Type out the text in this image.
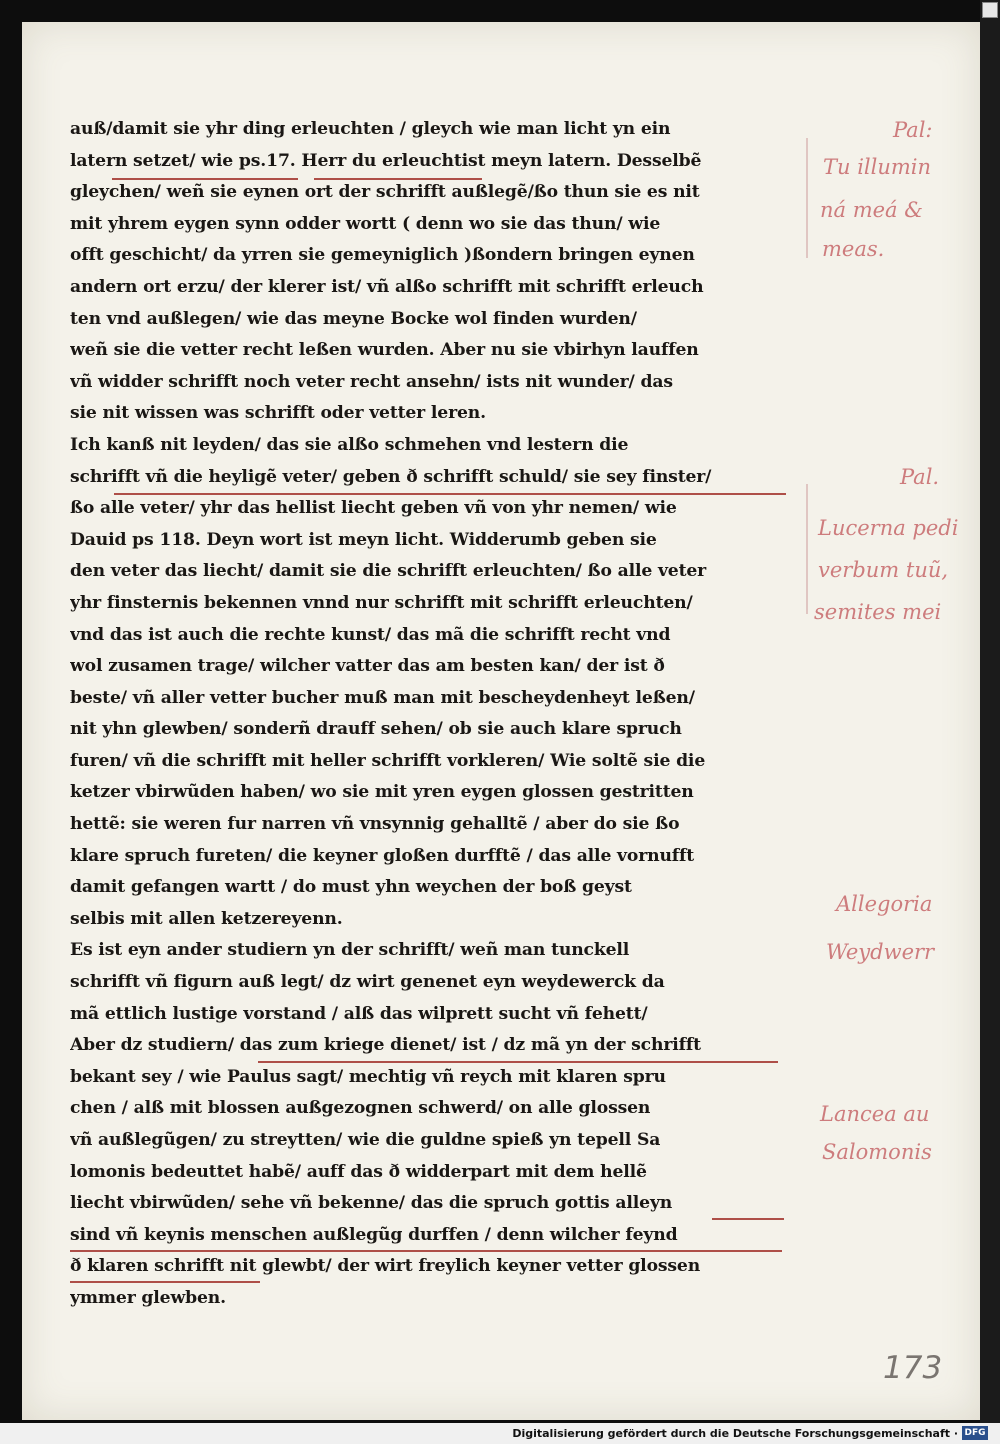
auß/damit sie yhr ding erleuchten / gleych wie man licht yn ein
latern setzet/ wie ps.17. Herr du erleuchtist meyn latern. Desselbẽ
gleychen/ weñ sie eynen ort der schrifft außlegẽ/ßo thun sie es nit
mit yhrem eygen synn odder wortt ( denn wo sie das thun/ wie
offt geschicht/ da yrren sie gemeyniglich )ßondern bringen eynen
andern ort erzu/ der klerer ist/ vñ alßo schrifft mit schrifft erleuch
ten vnd außlegen/ wie das meyne Bocke wol finden wurden/
weñ sie die vetter recht leßen wurden. Aber nu sie vbirhyn lauffen
vñ widder schrifft noch veter recht ansehn/ ists nit wunder/ das
sie nit wissen was schrifft oder vetter leren.
Ich kanß nit leyden/ das sie alßo schmehen vnd lestern die
schrifft vñ die heyligẽ veter/ geben ð schrifft schuld/ sie sey finster/
ßo alle veter/ yhr das hellist liecht geben vñ von yhr nemen/ wie
Dauid ps 118. Deyn wort ist meyn licht. Widderumb geben sie
den veter das liecht/ damit sie die schrifft erleuchten/ ßo alle veter
yhr finsternis bekennen vnnd nur schrifft mit schrifft erleuchten/
vnd das ist auch die rechte kunst/ das mã die schrifft recht vnd
wol zusamen trage/ wilcher vatter das am besten kan/ der ist ð
beste/ vñ aller vetter bucher muß man mit bescheydenheyt leßen/
nit yhn glewben/ sonderñ drauff sehen/ ob sie auch klare spruch
furen/ vñ die schrifft mit heller schrifft vorkleren/ Wie soltẽ sie die
ketzer vbirwũden haben/ wo sie mit yren eygen glossen gestritten
hettẽ: sie weren fur narren vñ vnsynnig gehalltẽ / aber do sie ßo
klare spruch fureten/ die keyner gloßen durfftẽ / das alle vornufft
damit gefangen wartt / do must yhn weychen der boß geyst
selbis mit allen ketzereyenn.
Es ist eyn ander studiern yn der schrifft/ weñ man tunckell
schrifft vñ figurn auß legt/ dz wirt genenet eyn weydewerck da
mã ettlich lustige vorstand / alß das wilprett sucht vñ fehett/
Aber dz studiern/ das zum kriege dienet/ ist / dz mã yn der schrifft
bekant sey / wie Paulus sagt/ mechtig vñ reych mit klaren spru
chen / alß mit blossen außgezognen schwerd/ on alle glossen
vñ außlegũgen/ zu streytten/ wie die guldne spieß yn tepell Sa
lomonis bedeuttet habẽ/ auff das ð widderpart mit dem hellẽ
liecht vbirwũden/ sehe vñ bekenne/ das die spruch gottis alleyn
sind vñ keynis menschen außlegũg durffen / denn wilcher feynd
ð klaren schrifft nit glewbt/ der wirt freylich keyner vetter glossen
ymmer glewben.
Pal:
Tu illumin
ná meá &
meas.
Pal.
Lucerna pedi
verbum tuũ,
semites mei
Allegoria
Weydwerr
Lancea au
Salomonis
173
Digitalisierung gefördert durch die Deutsche Forschungsgemeinschaft · DFG
